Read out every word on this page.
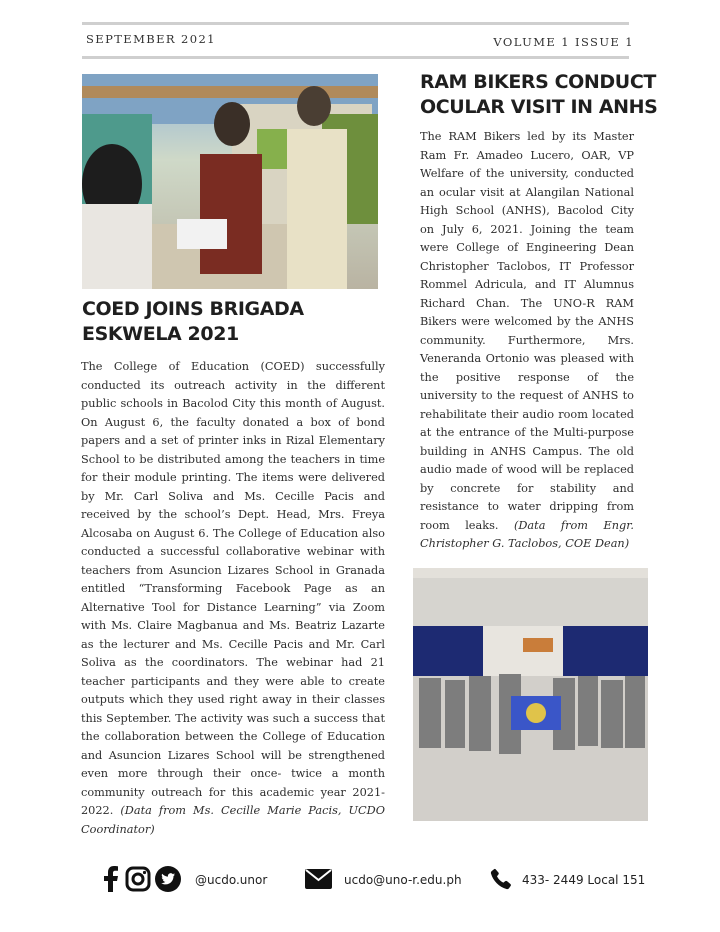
SEPTEMBER 2021	VOLUME 1 ISSUE 1
COED JOINS BRIGADA ESKWELA 2021

The College of Education (COED) successfully conducted its outreach activity in the different public schools in Bacolod City this month of August. On August 6, the faculty donated a box of bond papers and a set of printer inks in Rizal Elementary School to be distributed among the teachers in time for their module printing. The items were delivered by Mr. Carl Soliva and Ms. Cecille Pacis and received by the school’s Dept. Head, Mrs. Freya Alcosaba on August 6. The College of Education also conducted a successful collaborative webinar with teachers from Asuncion Lizares School in Granada entitled “Transforming Facebook Page as an Alternative Tool for Distance Learning” via Zoom with Ms. Claire Magbanua and Ms. Beatriz Lazarte as the lecturer and Ms. Cecille Pacis and Mr. Carl Soliva as the coordinators. The webinar had 21 teacher participants and they were able to create outputs which they used right away in their classes this September. The activity was such a success that the collaboration between the College of Education and Asuncion Lizares School will be strengthened even more through their once- twice a month community outreach for this academic year 2021-2022. (Data from Ms. Cecille Marie Pacis, UCDO Coordinator)

RAM BIKERS CONDUCT OCULAR VISIT IN ANHS

The RAM Bikers led by its Master Ram Fr. Amadeo Lucero, OAR, VP Welfare of the university, conducted an ocular visit at Alangilan National High School (ANHS), Bacolod City on July 6, 2021. Joining the team were College of Engineering Dean Christopher Taclobos, IT Professor Rommel Adricula, and IT Alumnus Richard Chan. The UNO-R RAM Bikers were welcomed by the ANHS community. Furthermore, Mrs. Veneranda Ortonio was pleased with the positive response of the university to the request of ANHS to rehabilitate their audio room located at the entrance of the Multi-purpose building in ANHS Campus. The old audio made of wood will be replaced by concrete for stability and resistance to water dripping from room leaks. (Data from Engr. Christopher G. Taclobos, COE Dean)

@ucdo.unor	ucdo@uno-r.edu.ph	433- 2449 Local 151
